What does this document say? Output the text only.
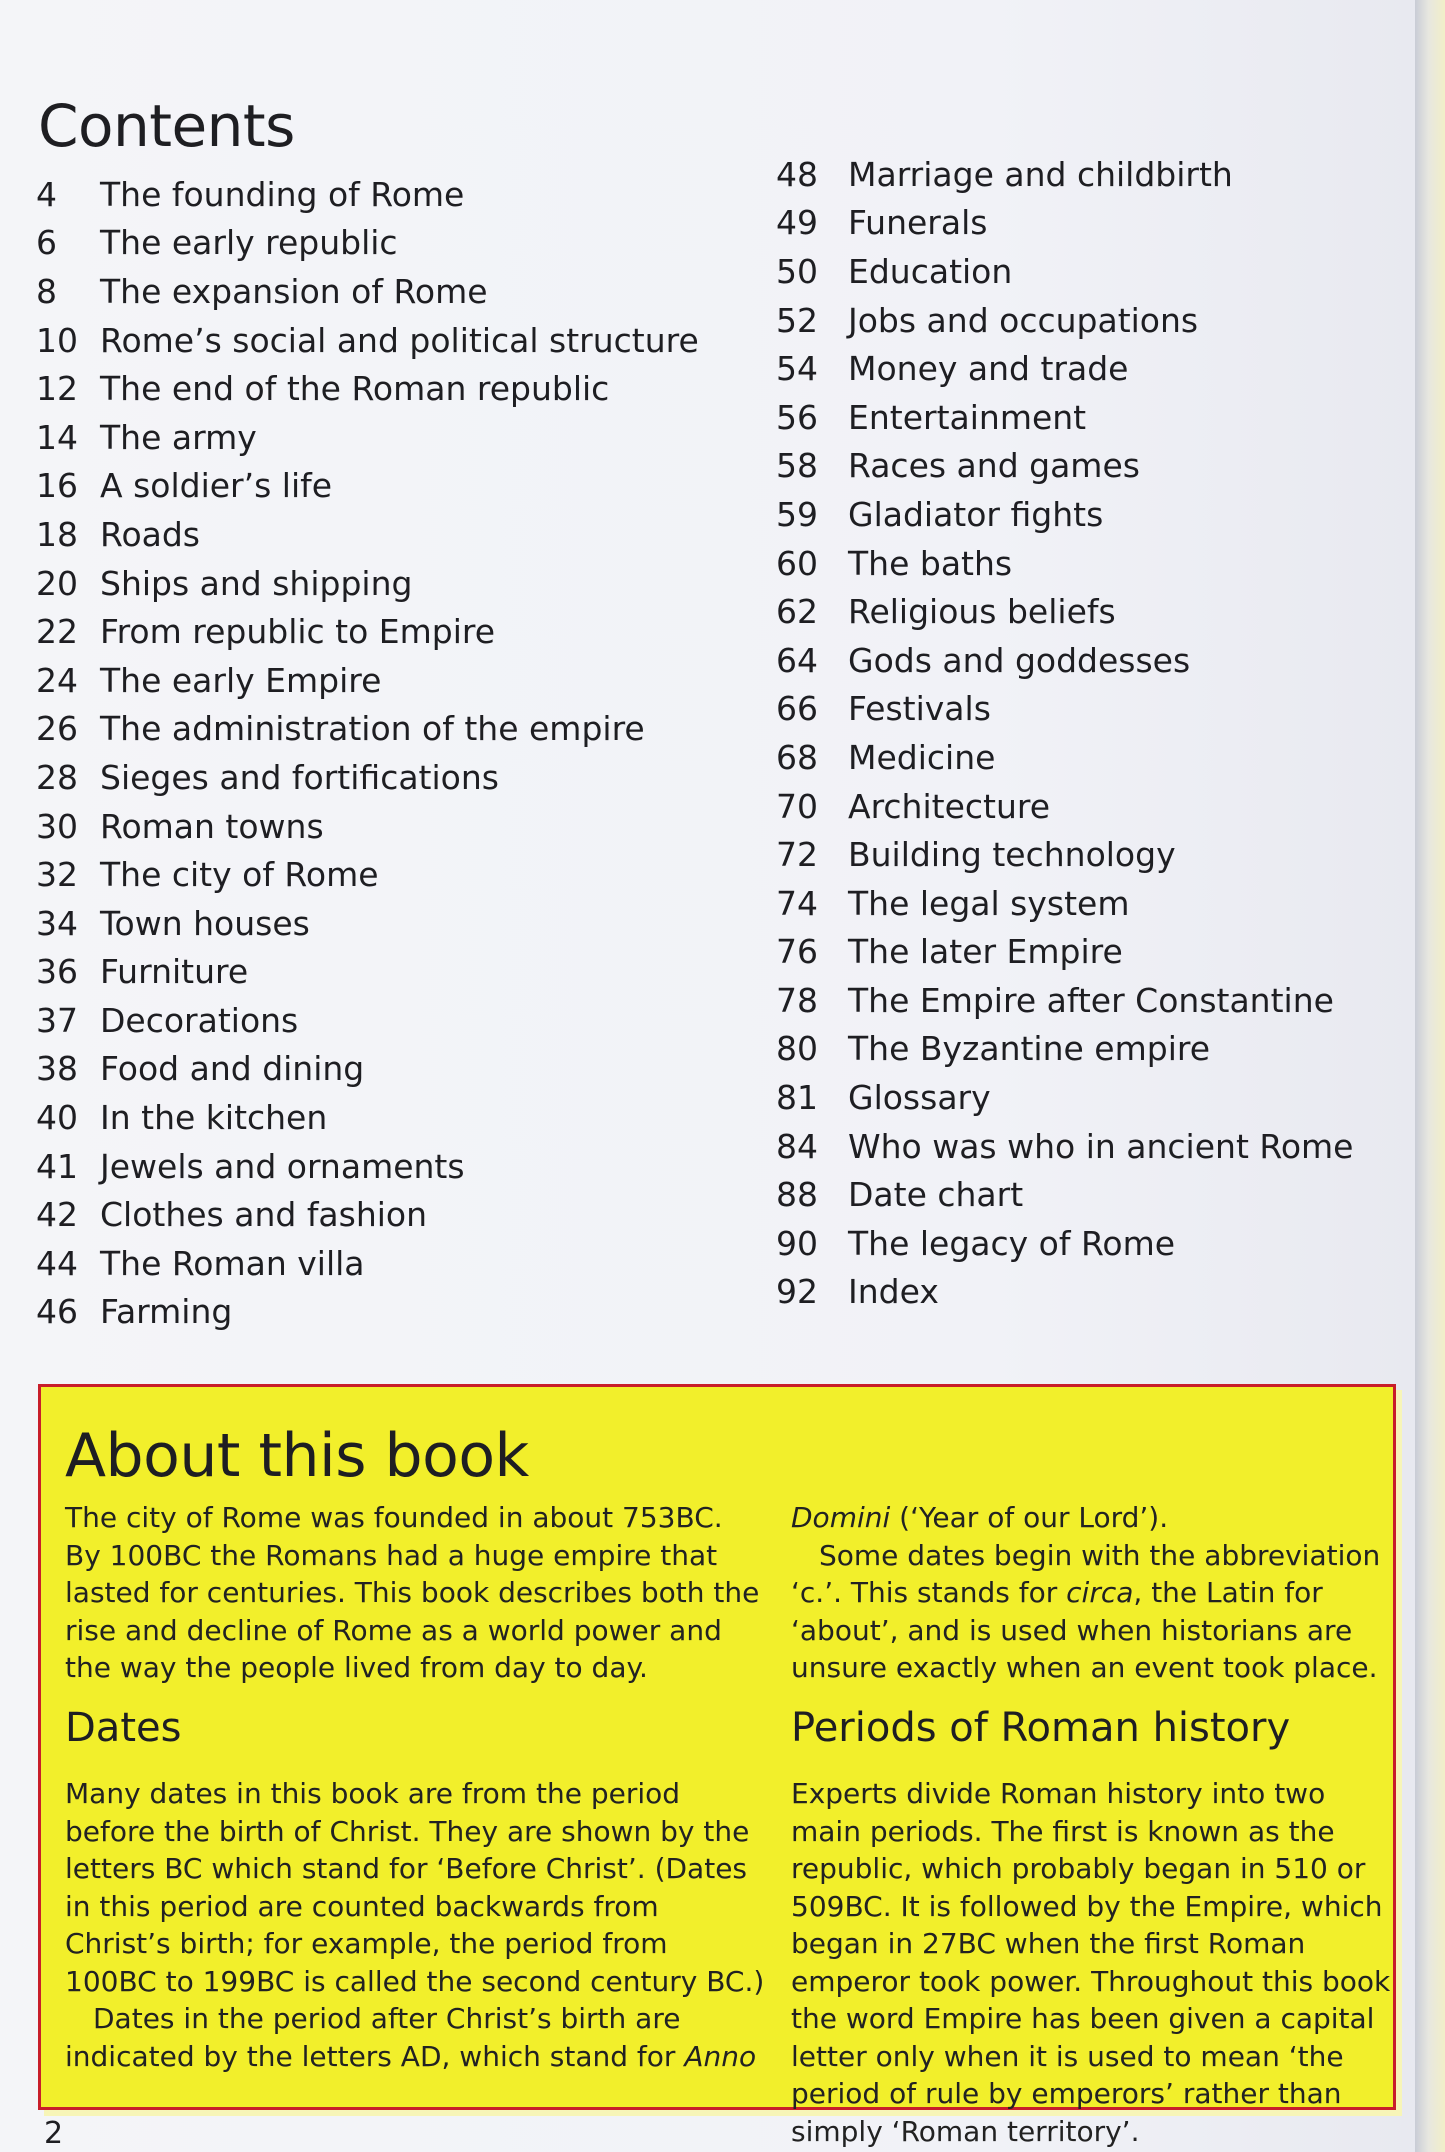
Contents
4	The founding of Rome
6	The early republic
8	The expansion of Rome
10 Rome’s social and political structure
12 The end of the Roman republic
14 The army
16 A soldier’s life
18 Roads
20 Ships and shipping
22 From republic to Empire
24 The early Empire
26 The administration of the empire
28 Sieges and fortifications
30 Roman towns
32 The city of Rome
34 Town houses
36 Furniture
37 Decorations
38 Food and dining
40 In the kitchen
41 Jewels and ornaments
42 Clothes and fashion
44 The Roman villa
46 Farming
48 Marriage and childbirth
49 Funerals
50 Education
52 Jobs and occupations
54 Money and trade
56 Entertainment
58 Races and games
59 Gladiator fights
60 The baths
62 Religious beliefs
64 Gods and goddesses
66 Festivals
68 Medicine
70 Architecture
72 Building technology
74 The legal system
76 The later Empire
78 The Empire after Constantine
80 The Byzantine empire
81 Glossary
84 Who was who in ancient Rome
88 Date chart
90 The legacy of Rome
92 Index
About this book
The city of Rome was founded in about 753BC. By 100BC the Romans had a huge empire that lasted for centuries. This book describes both the rise and decline of Rome as a world power and the way the people lived from day to day.
Dates
Many dates in this book are from the period before the birth of Christ. They are shown by the letters BC which stand for ‘Before Christ’. (Dates in this period are counted backwards from Christ’s birth; for example, the period from 100BC to 199BC is called the second century BC.)
Dates in the period after Christ’s birth are indicated by the letters AD, which stand for Anno
Domini (‘Year of our Lord’).
Some dates begin with the abbreviation ‘c.’. This stands for circa, the Latin for ‘about’, and is used when historians are unsure exactly when an event took place.
Periods of Roman history
Experts divide Roman history into two main periods. The first is known as the republic, which probably began in 510 or 509BC. It is followed by the Empire, which began in 27BC when the first Roman emperor took power. Throughout this book the word Empire has been given a capital letter only when it is used to mean ‘the period of rule by emperors’ rather than simply ‘Roman territory’.
2
